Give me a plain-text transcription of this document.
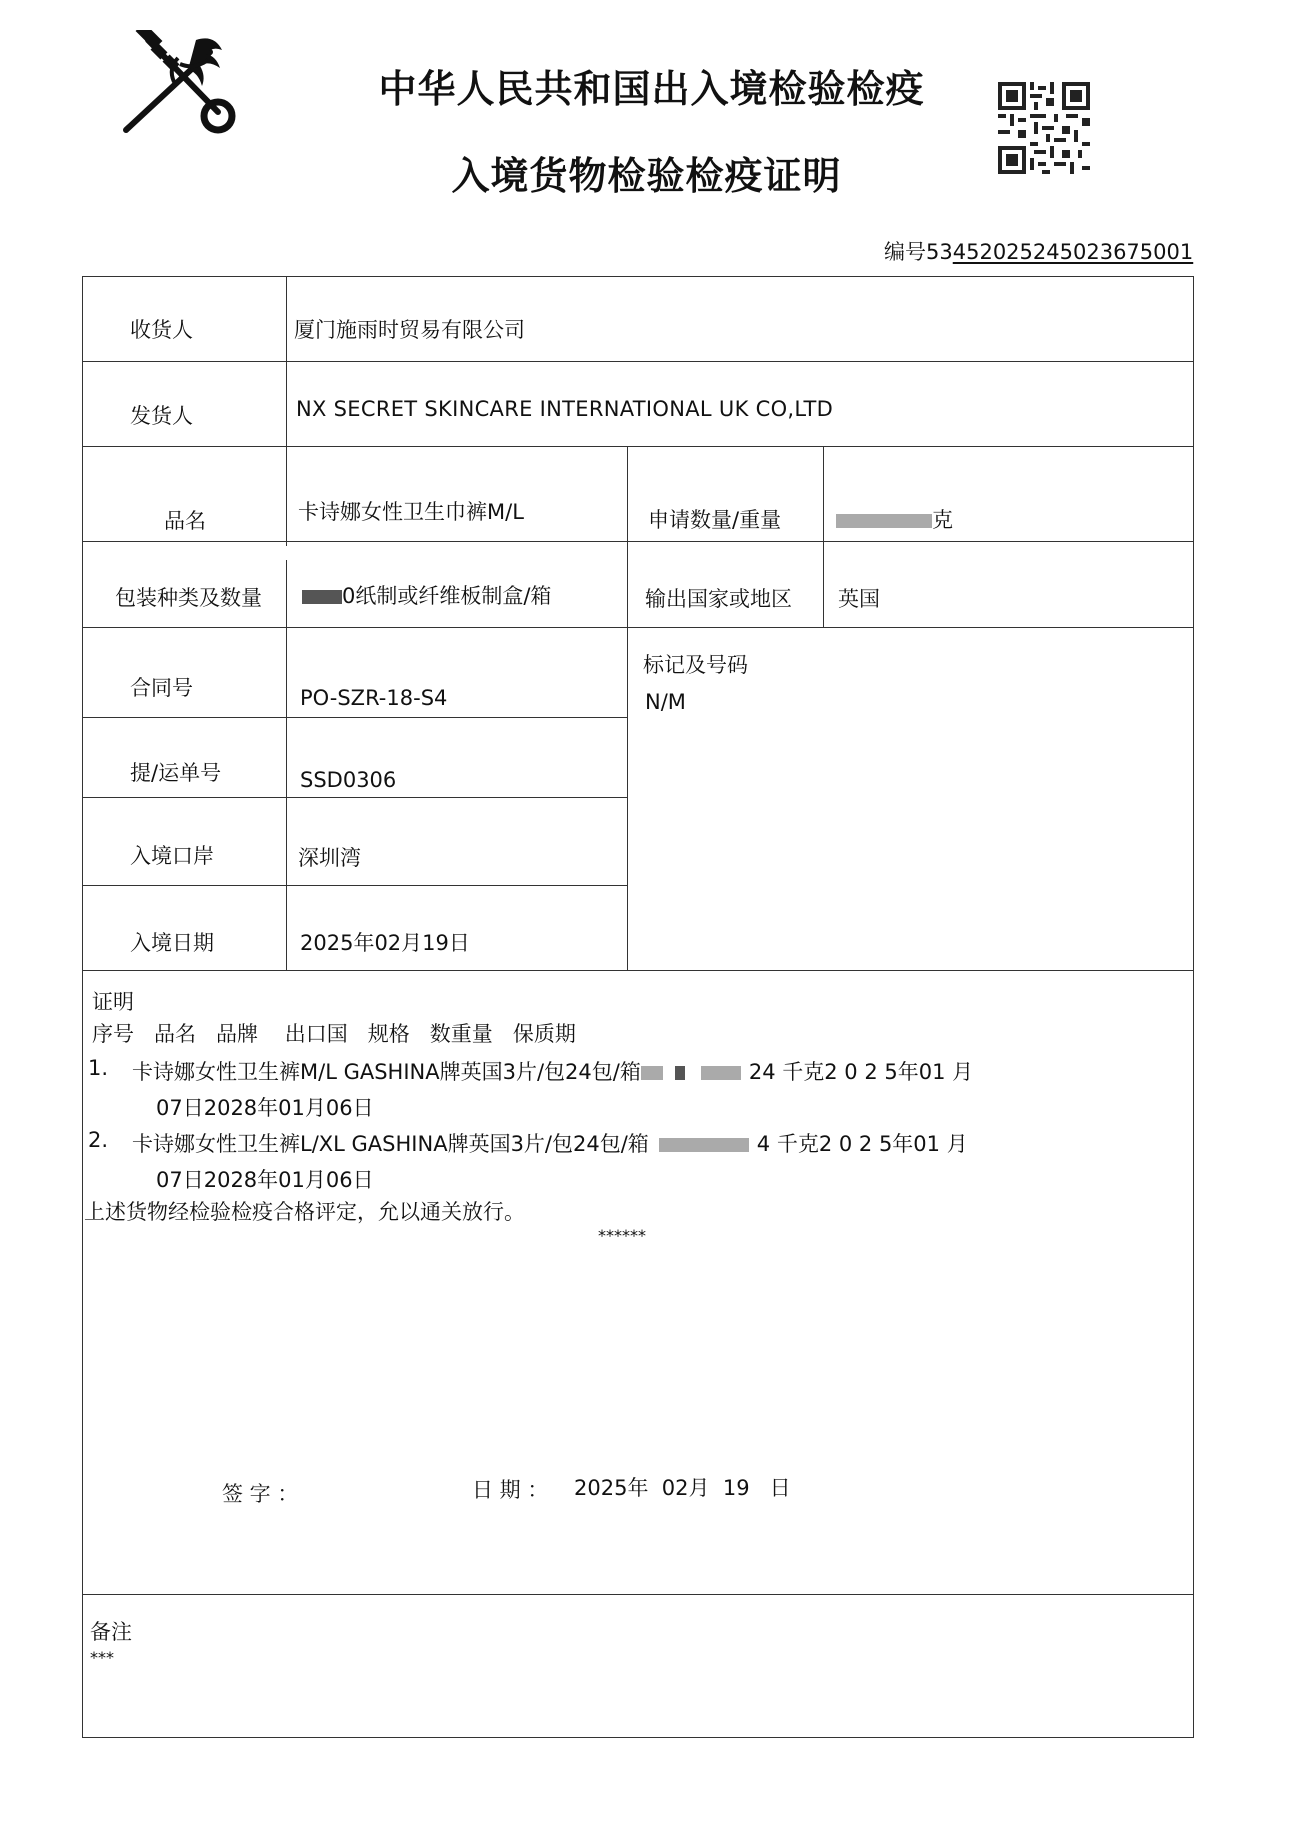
中华人民共和国出入境检验检疫
入境货物检验检疫证明
编号53452025245023675001
收货人	厦门施雨时贸易有限公司
发货人	NX SECRET SKINCARE INTERNATIONAL UK CO,LTD
品名	卡诗娜女性卫生巾裤M/L	申请数量/重量	克
包装种类及数量	0纸制或纤维板制盒/箱	输出国家或地区 英国
合同号	PO-SZR-18-S4
标记及号码
N/M
提/运单号	SSD0306
入境口岸	深圳湾
入境日期	2025年02月19日
证明
序号   品名   品牌    出口国   规格   数重量   保质期
1. 卡诗娜女性卫生裤M/L GASHINA牌英国3片/包24包/箱	24 千克2 0 2 5年01 月
07日2028年01月06日
2. 卡诗娜女性卫生裤L/XL GASHINA牌英国3片/包24包/箱	4 千克2 0 2 5年01 月
07日2028年01月06日
上述货物经检验检疫合格评定，允以通关放行。
******
签 字 ：	日 期 ： 2025年  02月  19   日
备注
***
